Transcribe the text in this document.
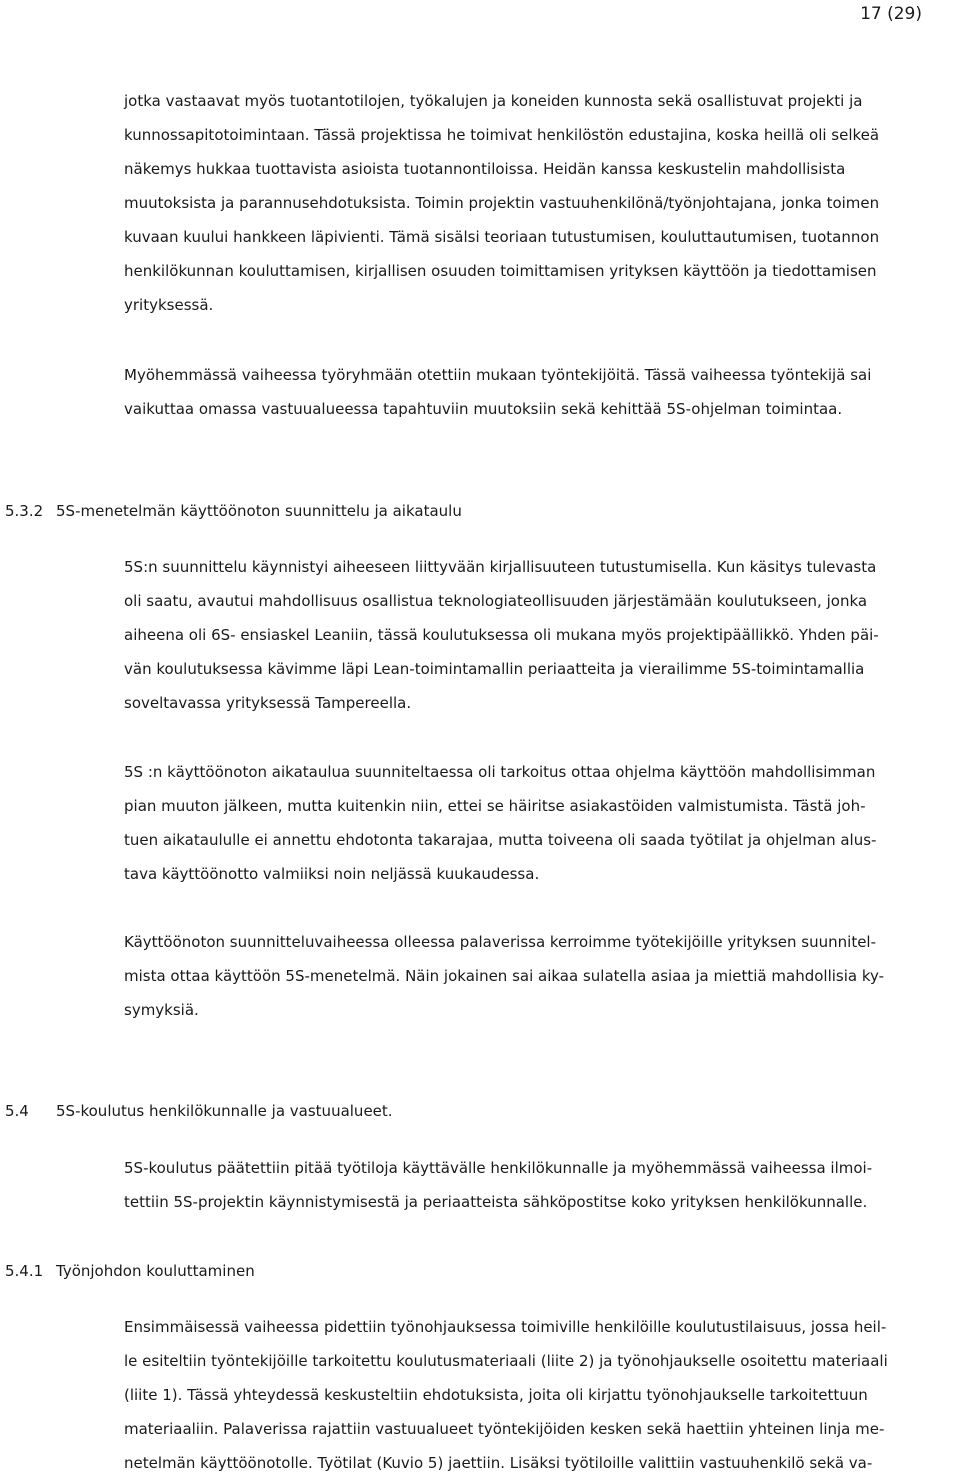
17 (29)
jotka vastaavat myös tuotantotilojen, työkalujen ja koneiden kunnosta sekä osallistuvat projekti ja
kunnossapitotoimintaan. Tässä projektissa he toimivat henkilöstön edustajina, koska heillä oli selkeä
näkemys hukkaa tuottavista asioista tuotannontiloissa. Heidän kanssa keskustelin mahdollisista
muutoksista ja parannusehdotuksista. Toimin projektin vastuuhenkilönä/työnjohtajana, jonka toimen
kuvaan kuului hankkeen läpivienti. Tämä sisälsi teoriaan tutustumisen, kouluttautumisen, tuotannon
henkilökunnan kouluttamisen, kirjallisen osuuden toimittamisen yrityksen käyttöön ja tiedottamisen
yrityksessä.
Myöhemmässä vaiheessa työryhmään otettiin mukaan työntekijöitä. Tässä vaiheessa työntekijä sai
vaikuttaa omassa vastuualueessa tapahtuviin muutoksiin sekä kehittää 5S-ohjelman toimintaa.
5.3.2 5S-menetelmän käyttöönoton suunnittelu ja aikataulu
5S:n suunnittelu käynnistyi aiheeseen liittyvään kirjallisuuteen tutustumisella. Kun käsitys tulevasta
oli saatu, avautui mahdollisuus osallistua teknologiateollisuuden järjestämään koulutukseen, jonka
aiheena oli 6S- ensiaskel Leaniin, tässä koulutuksessa oli mukana myös projektipäällikkö. Yhden päi-
vän koulutuksessa kävimme läpi Lean-toimintamallin periaatteita ja vierailimme 5S-toimintamallia
soveltavassa yrityksessä Tampereella.
5S :n käyttöönoton aikataulua suunniteltaessa oli tarkoitus ottaa ohjelma käyttöön mahdollisimman
pian muuton jälkeen, mutta kuitenkin niin, ettei se häiritse asiakastöiden valmistumista. Tästä joh-
tuen aikataululle ei annettu ehdotonta takarajaa, mutta toiveena oli saada työtilat ja ohjelman alus-
tava käyttöönotto valmiiksi noin neljässä kuukaudessa.
Käyttöönoton suunnitteluvaiheessa olleessa palaverissa kerroimme työtekijöille yrityksen suunnitel-
mista ottaa käyttöön 5S-menetelmä. Näin jokainen sai aikaa sulatella asiaa ja miettiä mahdollisia ky-
symyksiä.
5.4 5S-koulutus henkilökunnalle ja vastuualueet.
5S-koulutus päätettiin pitää työtiloja käyttävälle henkilökunnalle ja myöhemmässä vaiheessa ilmoi-
tettiin 5S-projektin käynnistymisestä ja periaatteista sähköpostitse koko yrityksen henkilökunnalle.
5.4.1 Työnjohdon kouluttaminen
Ensimmäisessä vaiheessa pidettiin työnohjauksessa toimiville henkilöille koulutustilaisuus, jossa heil-
le esiteltiin työntekijöille tarkoitettu koulutusmateriaali (liite 2) ja työnohjaukselle osoitettu materiaali
(liite 1). Tässä yhteydessä keskusteltiin ehdotuksista, joita oli kirjattu työnohjaukselle tarkoitettuun
materiaaliin. Palaverissa rajattiin vastuualueet työntekijöiden kesken sekä haettiin yhteinen linja me-
netelmän käyttöönotolle. Työtilat (Kuvio 5) jaettiin. Lisäksi työtiloille valittiin vastuuhenkilö sekä va-
